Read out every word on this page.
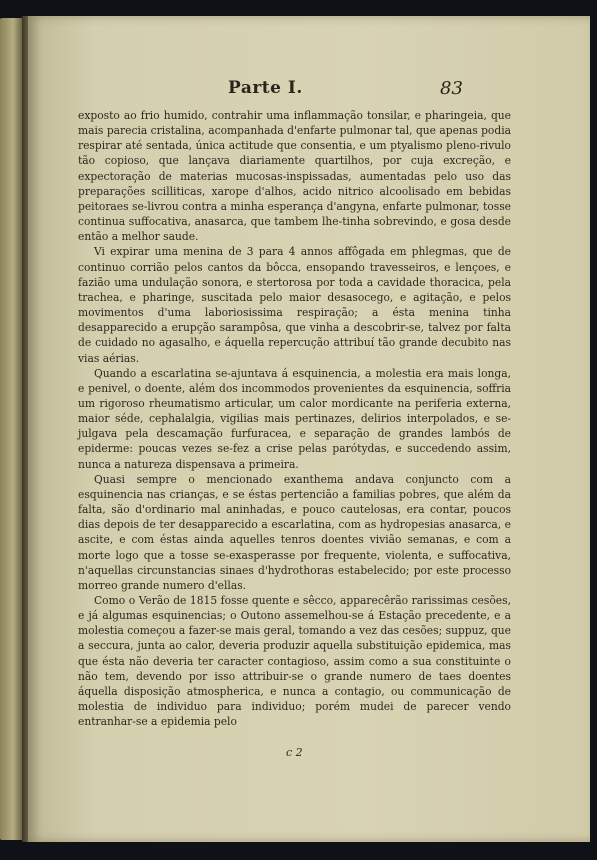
Parte I.	83

exposto ao frio humido, contrahir uma inflammação tonsilar, e pharingeia, que mais parecia cristalina, acompanhada d'enfarte pulmonar tal, que apenas podia respirar até sentada, única actitude que consentia, e um ptyalismo pleno-rivulo tão copioso, que lançava diariamente quartilhos, por cuja excreção, e expectoração de materias mucosas-inspissadas, aumentadas pelo uso das preparações scilliticas, xarope d'alhos, acido nitrico alcoolisado em bebidas peitoraes se-livrou contra a minha esperança d'angyna, enfarte pulmonar, tosse continua suffocativa, anasarca, que tambem lhe-tinha sobrevindo, e gosa desde então a melhor saude.

Vi expirar uma menina de 3 para 4 annos affôgada em phlegmas, que de continuo corrião pelos cantos da bôcca, ensopando travesseiros, e lençoes, e fazião uma undulação sonora, e stertorosa por toda a cavidade thoracica, pela trachea, e pharinge, suscitada pelo maior desasocego, e agitação, e pelos movimentos d'uma laboriosissima respiração; a ésta menina tinha desapparecido a erupção sarampôsa, que vinha a descobrir-se, talvez por falta de cuidado no agasalho, e áquella repercução attribuí tão grande decubito nas vias aérias.

Quando a escarlatina se-ajuntava á esquinencia, a molestia era mais longa, e penivel, o doente, além dos incommodos provenientes da esquinencia, soffria um rigoroso rheumatismo articular, um calor mordicante na periferia externa, maior séde, cephalalgia, vigilias mais pertinazes, delirios interpolados, e se-julgava pela descamação furfuracea, e separação de grandes lambós de epiderme: poucas vezes se-fez a crise pelas parótydas, e succedendo assim, nunca a natureza dispensava a primeira.

Quasi sempre o mencionado exanthema andava conjuncto com a esquinencia nas crianças, e se éstas pertencião a familias pobres, que além da falta, são d'ordinario mal aninhadas, e pouco cautelosas, era contar, poucos dias depois de ter desapparecido a escarlatina, com as hydropesias anasarca, e ascite, e com éstas ainda aquelles tenros doentes vivião semanas, e com a morte logo que a tosse se-exasperasse por frequente, violenta, e suffocativa, n'aquellas circunstancias sinaes d'hydrothoras estabelecido; por este processo morreo grande numero d'ellas.

Como o Verão de 1815 fosse quente e sêcco, apparecêrão rarissimas cesões, e já algumas esquinencias; o Outono assemelhou-se á Estação precedente, e a molestia começou a fazer-se mais geral, tomando a vez das cesões; suppuz, que a seccura, junta ao calor, deveria produzir aquella substituição epidemica, mas que ésta não deveria ter caracter contagioso, assim como a sua constituinte o não tem, devendo por isso attribuir-se o grande numero de taes doentes áquella disposição atmospherica, e nunca a contagio, ou communicação de molestia de individuo para individuo; porém mudei de parecer vendo entranhar-se a epidemia pelo

c 2
